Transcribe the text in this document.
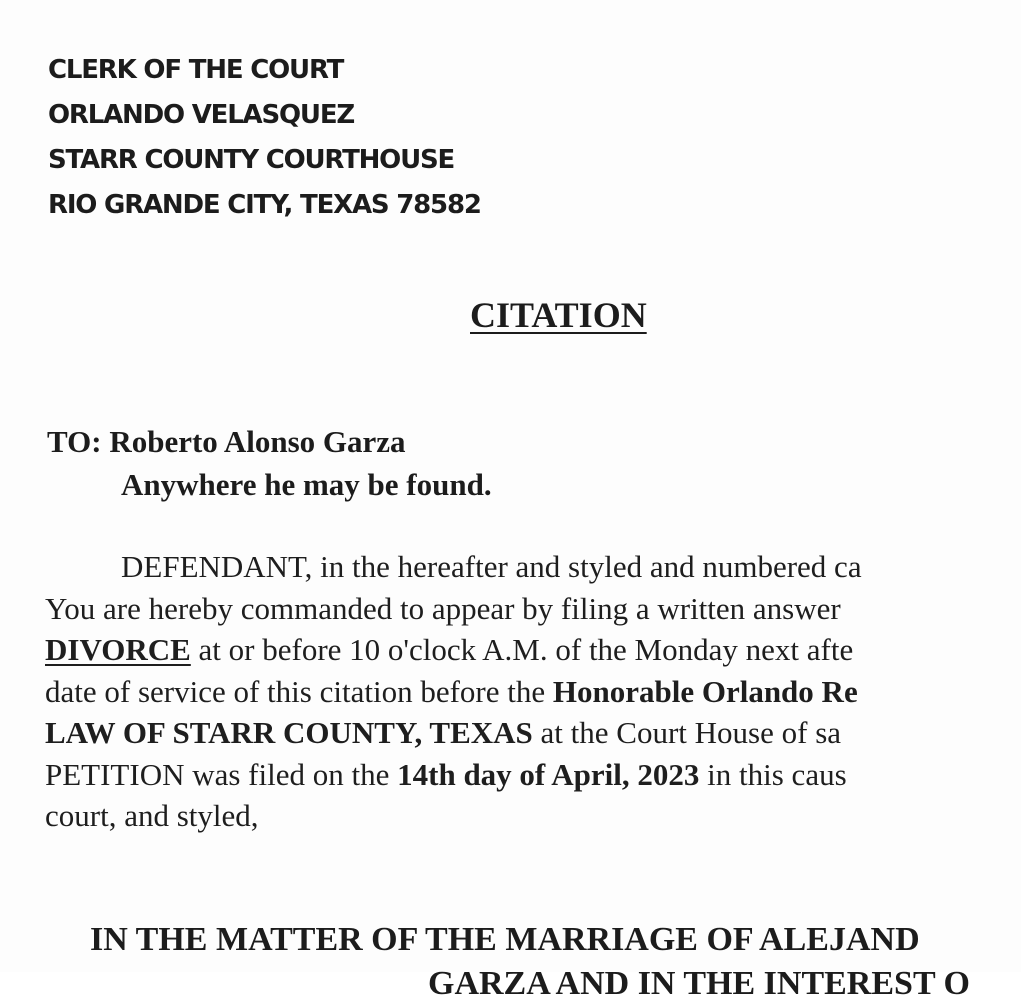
CLERK OF THE COURT
ORLANDO VELASQUEZ
STARR COUNTY COURTHOUSE
RIO GRANDE CITY, TEXAS 78582
CITATION
TO: Roberto Alonso Garza
Anywhere he may be found.
DEFENDANT, in the hereafter and styled and numbered ca
You are hereby commanded to appear by filing a written answer
DIVORCE at or before 10 o'clock A.M. of the Monday next afte
date of service of this citation before the Honorable Orlando Re
LAW OF STARR COUNTY, TEXAS at the Court House of sa
PETITION was filed on the 14th day of April, 2023 in this caus
court, and styled,
IN THE MATTER OF THE MARRIAGE OF ALEJAND
GARZA AND IN THE INTEREST O
